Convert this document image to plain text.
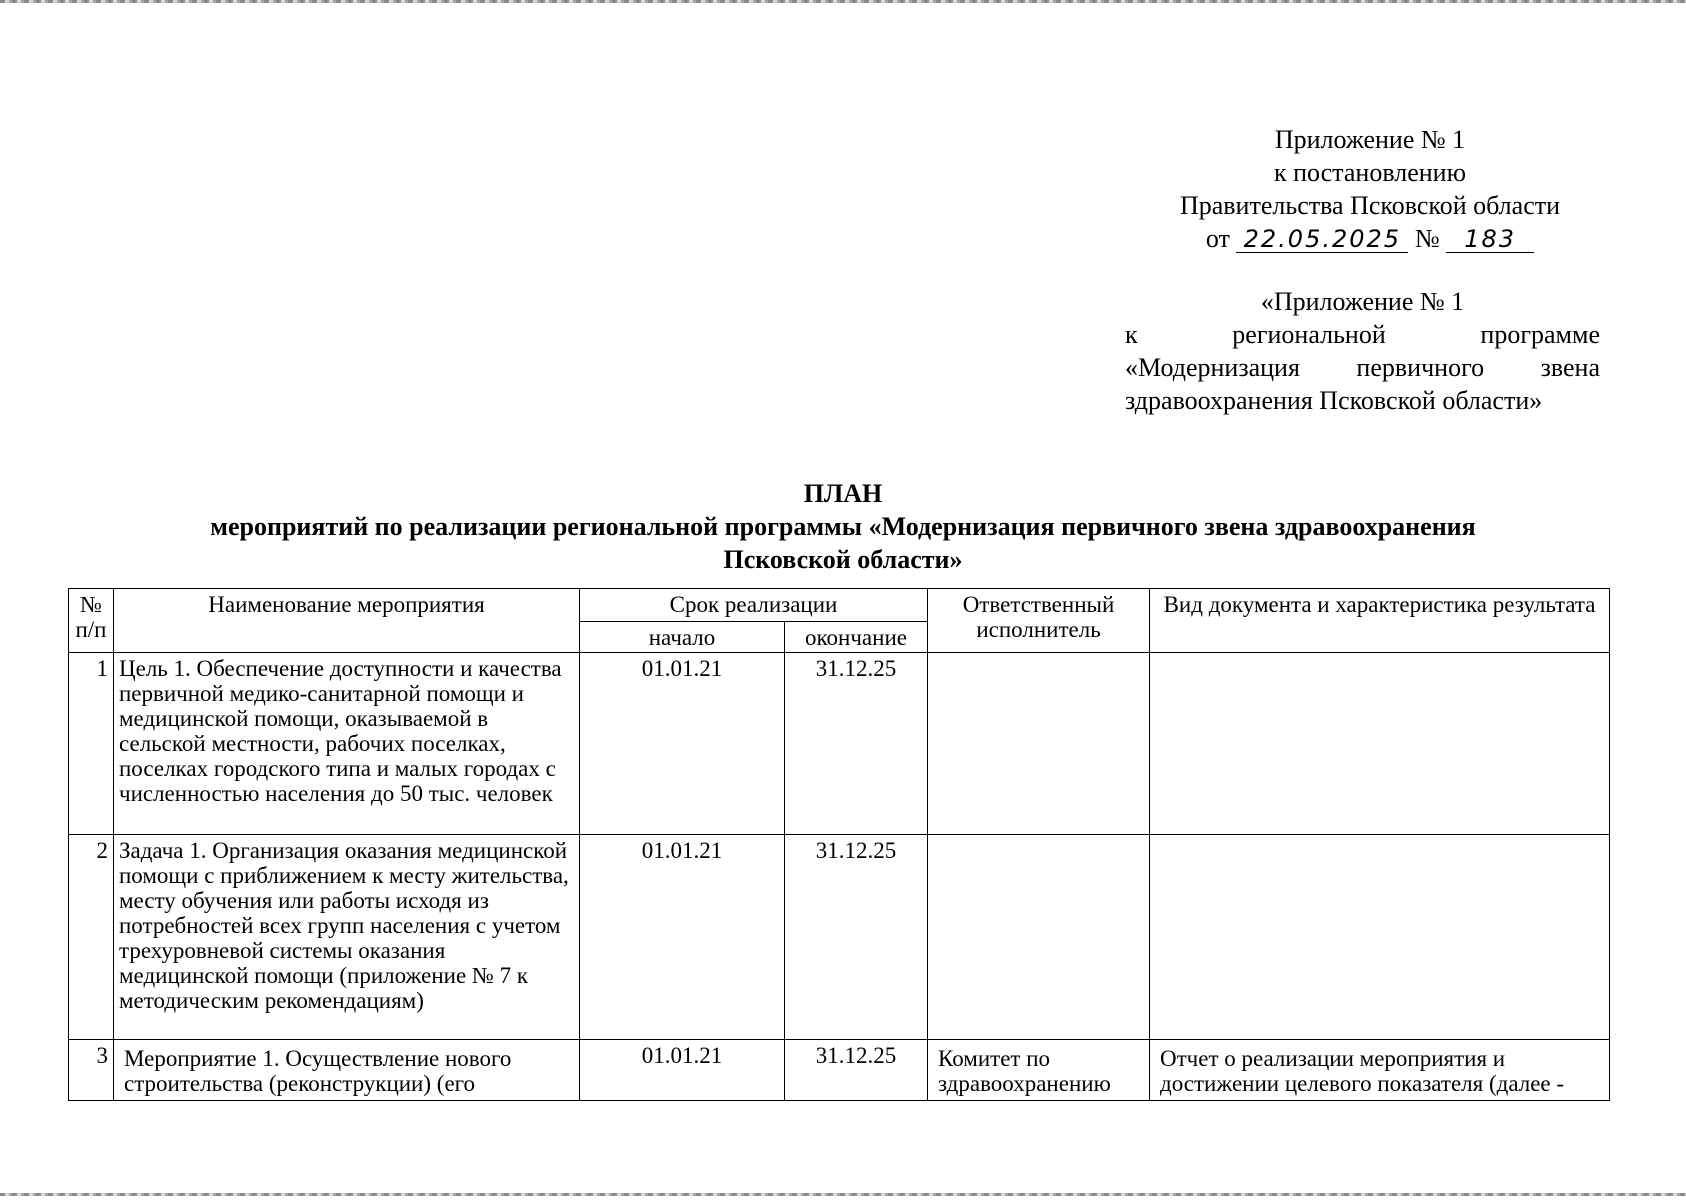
Приложение № 1
к постановлению
Правительства Псковской области
от 22.05.2025 № 183
«Приложение № 1
к региональной программе
«Модернизация первичного звена
здравоохранения Псковской области»
ПЛАН
мероприятий по реализации региональной программы «Модернизация первичного звена здравоохранения
Псковской области»
№ п/п	Наименование мероприятия	Срок реализации		Ответственный исполнитель	Вид документа и характеристика результата
		начало	окончание		
1	Цель 1. Обеспечение доступности и качества первичной медико-санитарной помощи и медицинской помощи, оказываемой в сельской местности, рабочих поселках, поселках городского типа и малых городах с численностью населения до 50 тыс. человек	01.01.21	31.12.25		
2	Задача 1. Организация оказания медицинской помощи с приближением к месту жительства, месту обучения или работы исходя из потребностей всех групп населения с учетом трехуровневой системы оказания медицинской помощи (приложение № 7 к методическим рекомендациям)	01.01.21	31.12.25		
3	Мероприятие 1. Осуществление нового строительства (реконструкции) (его	01.01.21	31.12.25	Комитет по здравоохранению	Отчет о реализации мероприятия и достижении целевого показателя (далее -
